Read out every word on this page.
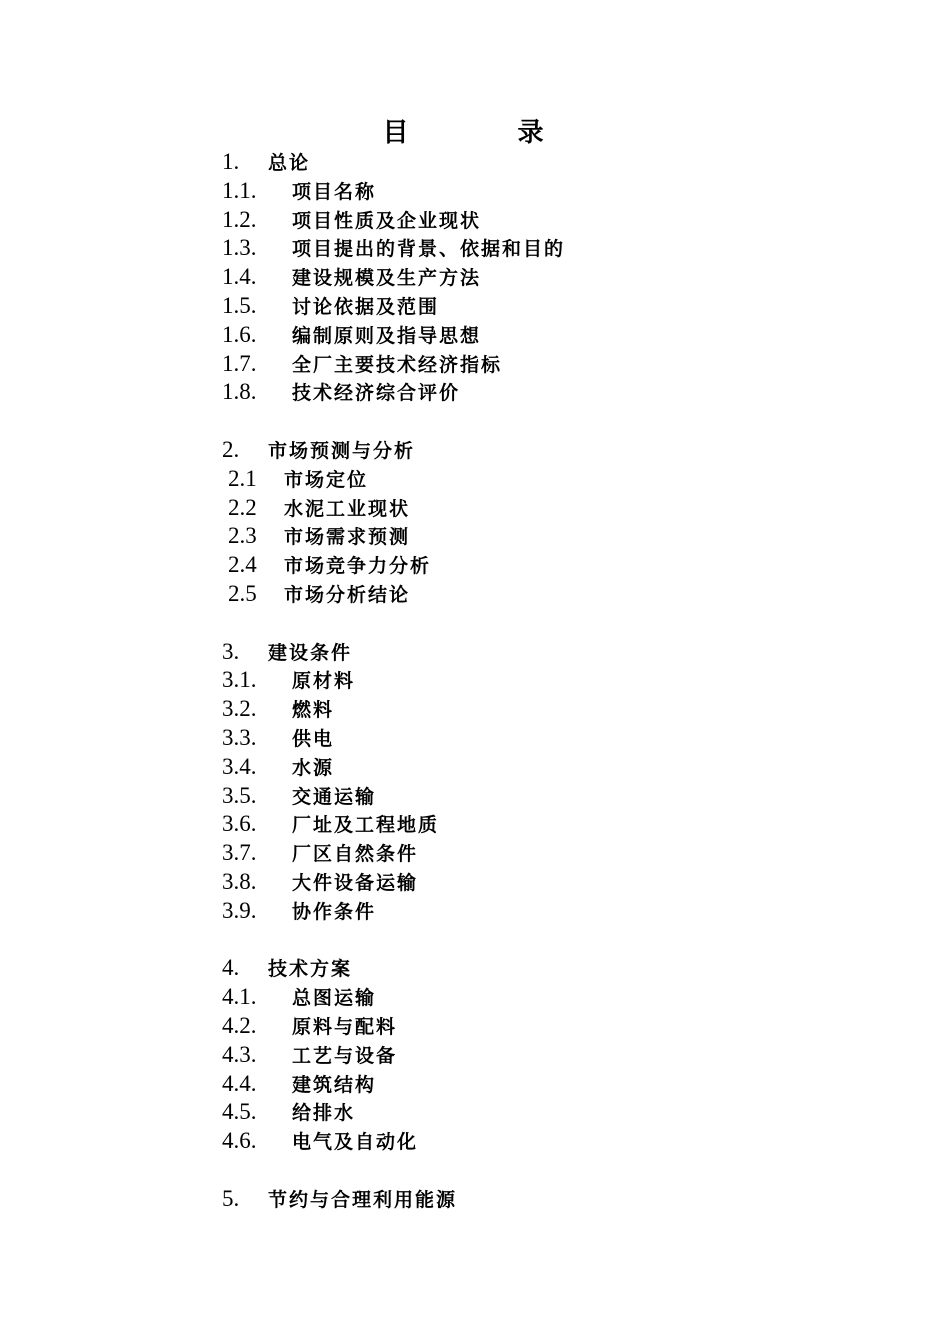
目 录
1. 总论
1.1. 项目名称
1.2. 项目性质及企业现状
1.3. 项目提出的背景、依据和目的
1.4. 建设规模及生产方法
1.5. 讨论依据及范围
1.6. 编制原则及指导思想
1.7. 全厂主要技术经济指标
1.8. 技术经济综合评价
2. 市场预测与分析
2.1 市场定位
2.2 水泥工业现状
2.3 市场需求预测
2.4 市场竞争力分析
2.5 市场分析结论
3. 建设条件
3.1. 原材料
3.2. 燃料
3.3. 供电
3.4. 水源
3.5. 交通运输
3.6. 厂址及工程地质
3.7. 厂区自然条件
3.8. 大件设备运输
3.9. 协作条件
4. 技术方案
4.1. 总图运输
4.2. 原料与配料
4.3. 工艺与设备
4.4. 建筑结构
4.5. 给排水
4.6. 电气及自动化
5. 节约与合理利用能源
